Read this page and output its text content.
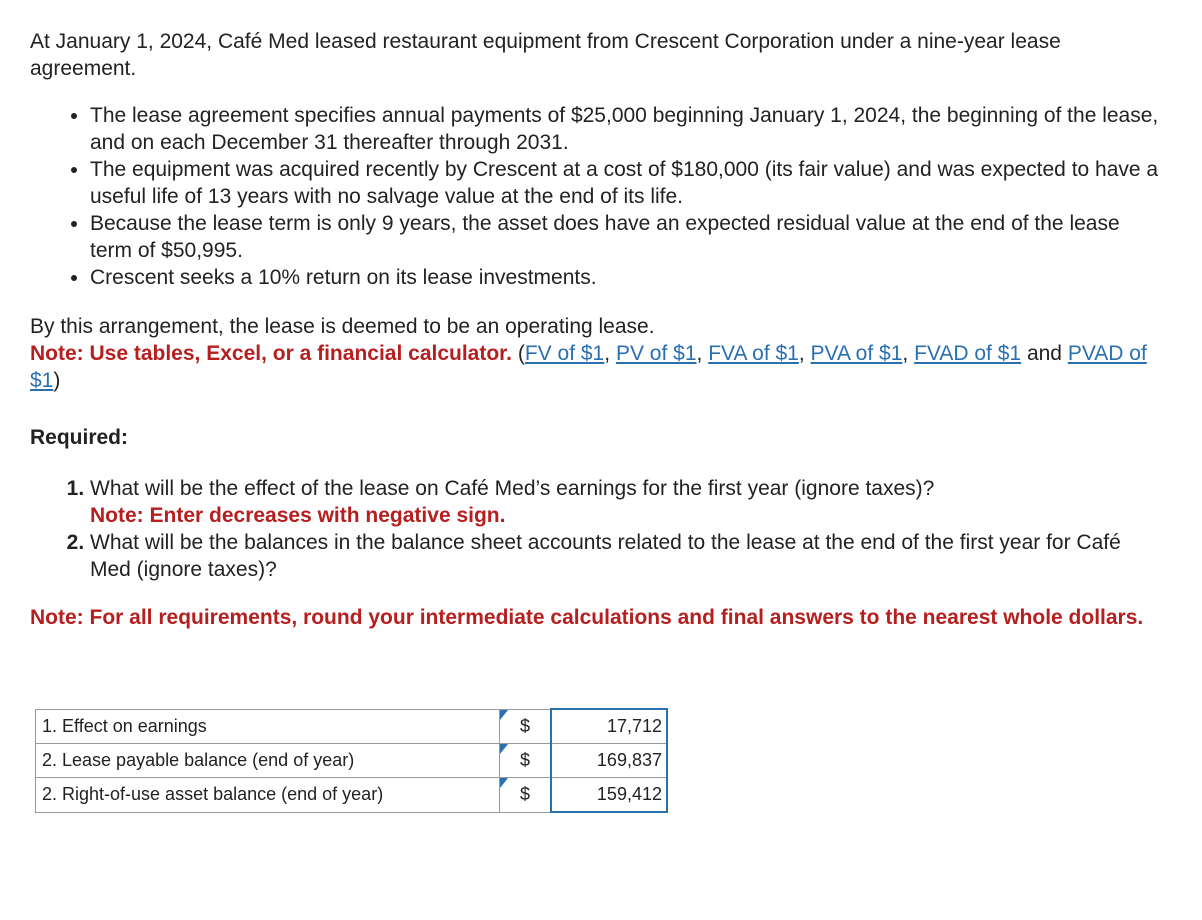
At January 1, 2024, Café Med leased restaurant equipment from Crescent Corporation under a nine-year lease agreement.

• The lease agreement specifies annual payments of $25,000 beginning January 1, 2024, the beginning of the lease, and on each December 31 thereafter through 2031.
• The equipment was acquired recently by Crescent at a cost of $180,000 (its fair value) and was expected to have a useful life of 13 years with no salvage value at the end of its life.
• Because the lease term is only 9 years, the asset does have an expected residual value at the end of the lease term of $50,995.
• Crescent seeks a 10% return on its lease investments.

By this arrangement, the lease is deemed to be an operating lease.

Note: Use tables, Excel, or a financial calculator. (FV of $1, PV of $1, FVA of $1, PVA of $1, FVAD of $1 and PVAD of $1)

Required:

1. What will be the effect of the lease on Café Med’s earnings for the first year (ignore taxes)?
Note: Enter decreases with negative sign.
2. What will be the balances in the balance sheet accounts related to the lease at the end of the first year for Café Med (ignore taxes)?

Note: For all requirements, round your intermediate calculations and final answers to the nearest whole dollars.

1. Effect on earnings	$	17,712
2. Lease payable balance (end of year)	$	169,837
2. Right-of-use asset balance (end of year)	$	159,412
